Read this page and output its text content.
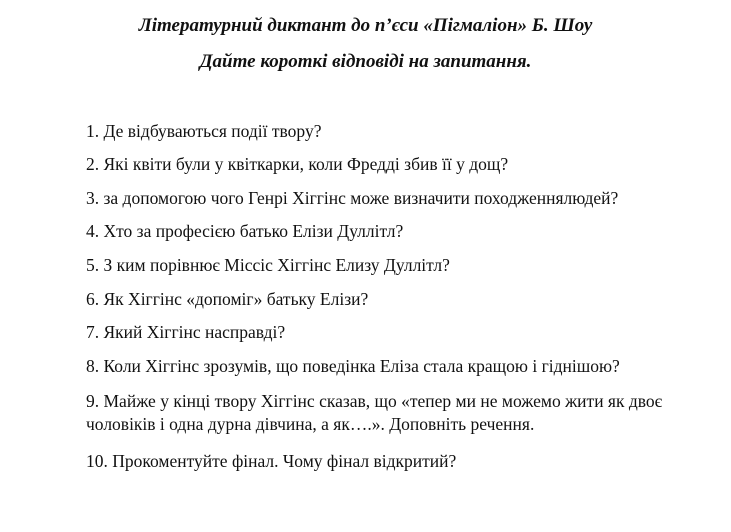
Літературний диктант до п’єси «Пігмаліон» Б. Шоу
Дайте короткі відповіді на запитання.
1. Де відбуваються події твору?
2. Які квіти були у квіткарки, коли Фредді збив її у дощ?
3. за допомогою чого Генрі Хіггінс може визначити походженнялюдей?
4. Хто за професією батько Елізи Дуллітл?
5. З ким порівнює Міссіс Хіггінс Елизу Дуллітл?
6. Як Хіггінс «допоміг» батьку Елізи?
7. Який Хіггінс насправді?
8. Коли Хіггінс зрозумів, що поведінка Еліза стала кращою і гіднішою?
9. Майже у кінці твору Хіггінс сказав, що «тепер ми не можемо жити як двоє
чоловіків і одна дурна дівчина, а як….». Доповніть речення.
10. Прокоментуйте фінал. Чому фінал відкритий?
